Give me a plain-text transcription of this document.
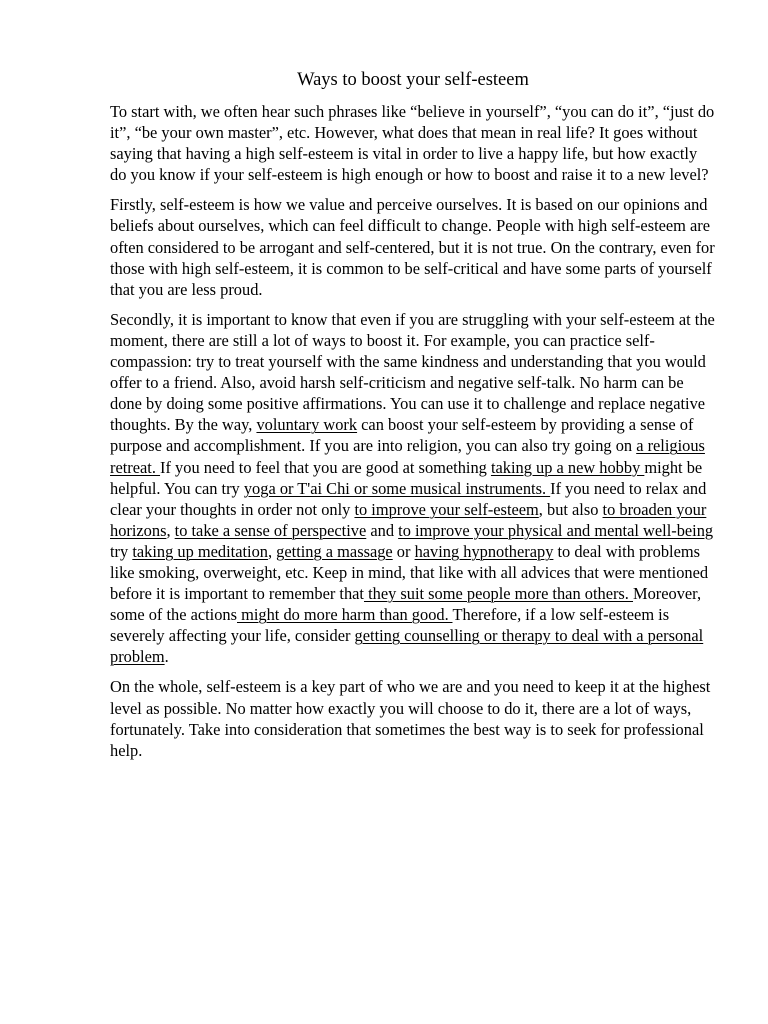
Ways to boost your self-esteem

To start with, we often hear such phrases like “believe in yourself”, “you can do it”, “just do it”, “be your own master”, etc. However, what does that mean in real life? It goes without saying that having a high self-esteem is vital in order to live a happy life, but how exactly do you know if your self-esteem is high enough or how to boost and raise it to a new level?

Firstly, self-esteem is how we value and perceive ourselves. It is based on our opinions and beliefs about ourselves, which can feel difficult to change. People with high self-esteem are often considered to be arrogant and self-centered, but it is not true. On the contrary, even for those with high self-esteem, it is common to be self-critical and have some parts of yourself that you are less proud.

Secondly, it is important to know that even if you are struggling with your self-esteem at the moment, there are still a lot of ways to boost it. For example, you can practice self-compassion: try to treat yourself with the same kindness and understanding that you would offer to a friend. Also, avoid harsh self-criticism and negative self-talk. No harm can be done by doing some positive affirmations. You can use it to challenge and replace negative thoughts. By the way, voluntary work can boost your self-esteem by providing a sense of purpose and accomplishment. If you are into religion, you can also try going on a religious retreat. If you need to feel that you are good at something taking up a new hobby might be helpful. You can try yoga or T'ai Chi or some musical instruments. If you need to relax and clear your thoughts in order not only to improve your self-esteem, but also to broaden your horizons, to take a sense of perspective and to improve your physical and mental well-being try taking up meditation, getting a massage or having hypnotherapy to deal with problems like smoking, overweight, etc. Keep in mind, that like with all advices that were mentioned before it is important to remember that they suit some people more than others. Moreover, some of the actions might do more harm than good. Therefore, if a low self-esteem is severely affecting your life, consider getting counselling or therapy to deal with a personal problem.

On the whole, self-esteem is a key part of who we are and you need to keep it at the highest level as possible. No matter how exactly you will choose to do it, there are a lot of ways, fortunately. Take into consideration that sometimes the best way is to seek for professional help.
